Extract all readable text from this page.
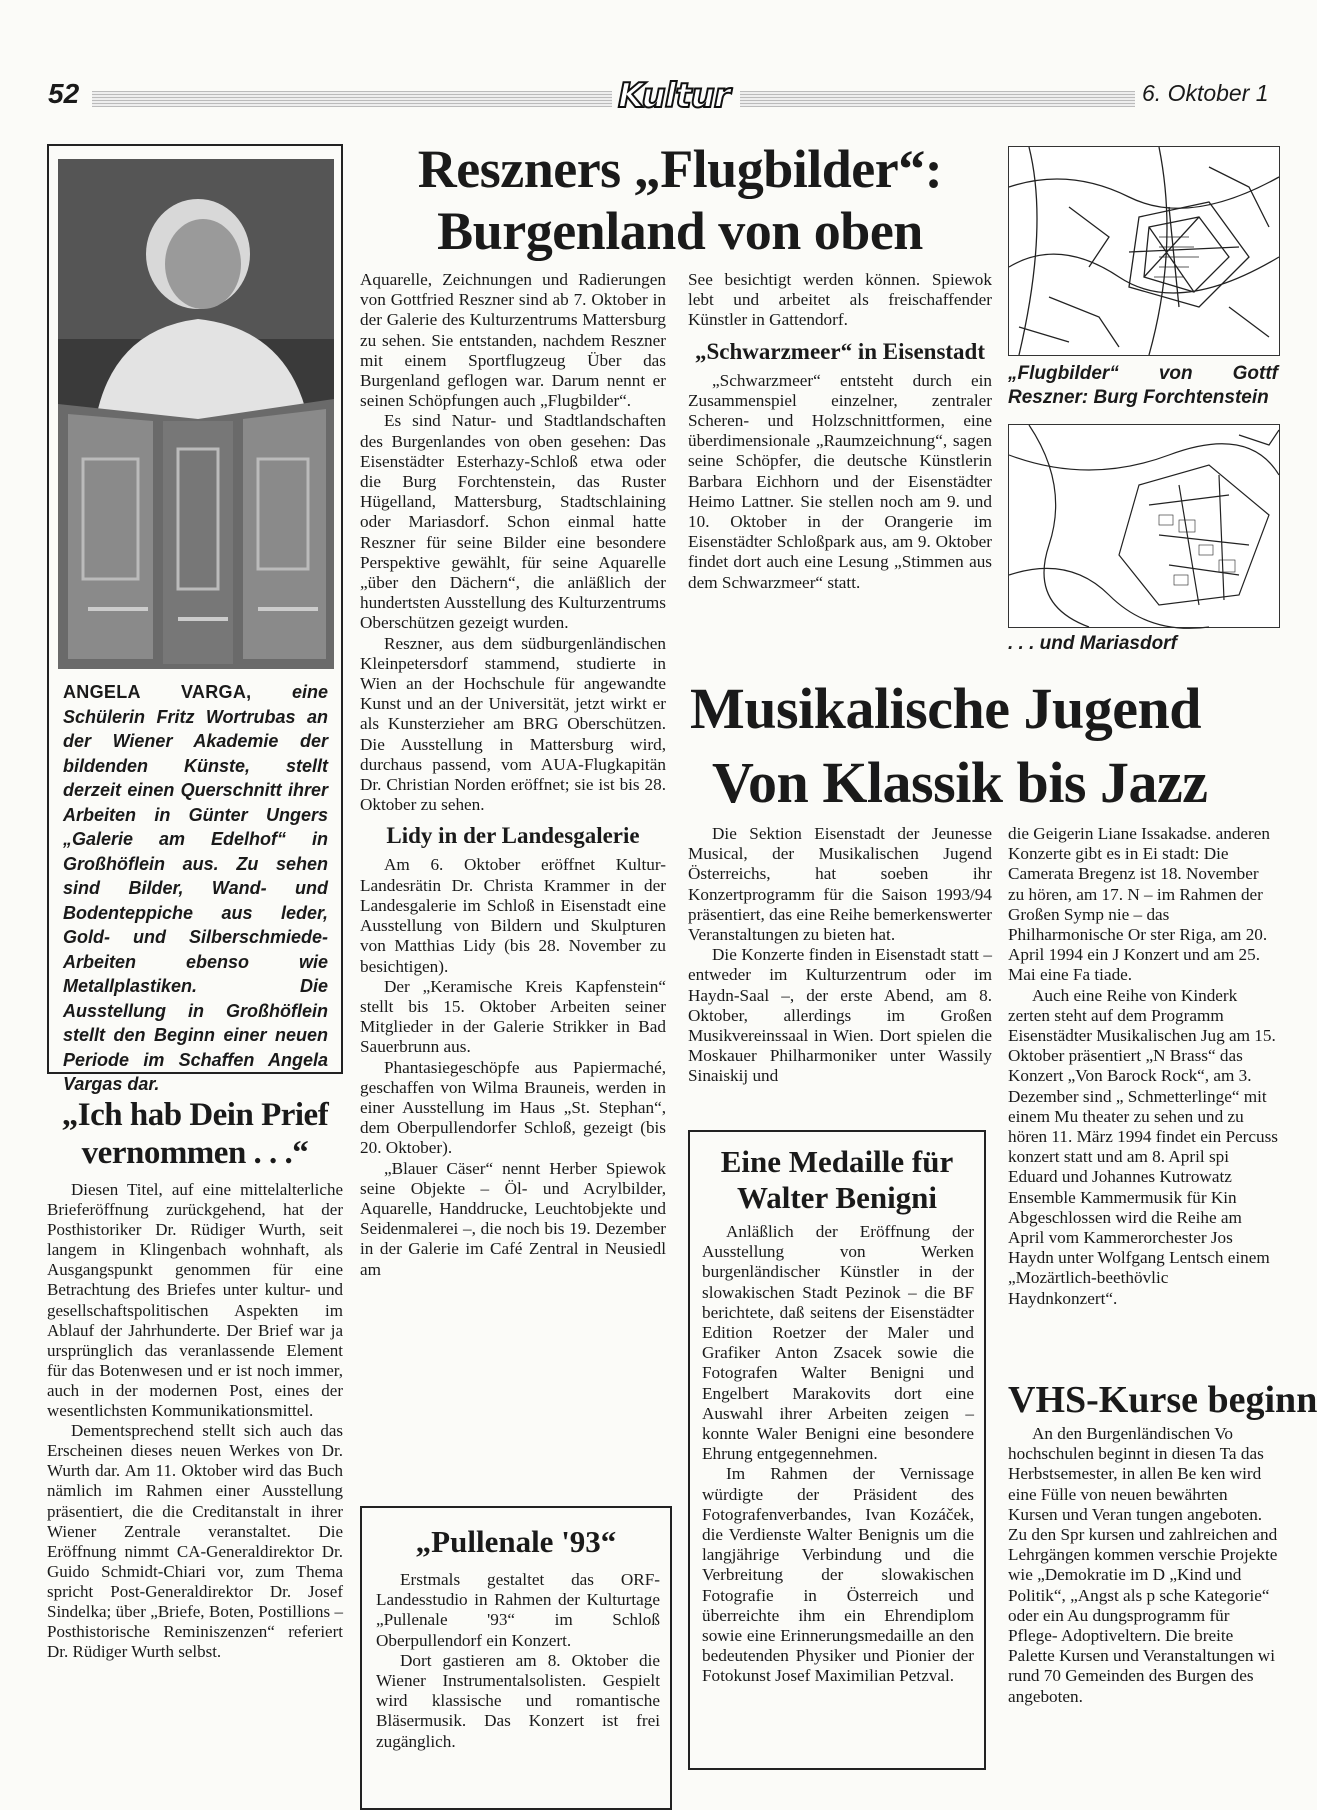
52	Kultur	6. Oktober 1
ANGELA VARGA, eine Schülerin Fritz Wortrubas an der Wiener Akademie der bildenden Künste, stellt derzeit einen Querschnitt ihrer Arbeiten in Günter Ungers „Galerie am Edelhof“ in Großhöflein aus. Zu sehen sind Bilder, Wand- und Bodenteppiche aus leder, Gold- und Silberschmiede-Arbeiten ebenso wie Metallplastiken. Die Ausstellung in Großhöflein stellt den Beginn einer neuen Periode im Schaffen Angela Vargas dar.
„Ich hab Dein Prief vernommen . . .“

Diesen Titel, auf eine mittelalterliche Brieferöffnung zurückgehend, hat der Posthistoriker Dr. Rüdiger Wurth, seit langem in Klingenbach wohnhaft, als Ausgangspunkt genommen für eine Betrachtung des Briefes unter kultur- und gesellschaftspolitischen Aspekten im Ablauf der Jahrhunderte. Der Brief war ja ursprünglich das veranlassende Element für das Botenwesen und er ist noch immer, auch in der modernen Post, eines der wesentlichsten Kommunikationsmittel.

Dementsprechend stellt sich auch das Erscheinen dieses neuen Werkes von Dr. Wurth dar. Am 11. Oktober wird das Buch nämlich im Rahmen einer Ausstellung präsentiert, die die Creditanstalt in ihrer Wiener Zentrale veranstaltet. Die Eröffnung nimmt CA-Generaldirektor Dr. Guido Schmidt-Chiari vor, zum Thema spricht Post-Generaldirektor Dr. Josef Sindelka; über „Briefe, Boten, Postillions – Posthistorische Reminiszenzen“ referiert Dr. Rüdiger Wurth selbst.

Reszners „Flugbilder“:
Burgenland von oben

Aquarelle, Zeichnungen und Radierungen von Gottfried Reszner sind ab 7. Oktober in der Galerie des Kulturzentrums Mattersburg zu sehen. Sie entstanden, nachdem Reszner mit einem Sportflugzeug Über das Burgenland geflogen war. Darum nennt er seinen Schöpfungen auch „Flugbilder“.

Es sind Natur- und Stadtlandschaften des Burgenlandes von oben gesehen: Das Eisenstädter Esterhazy-Schloß etwa oder die Burg Forchtenstein, das Ruster Hügelland, Mattersburg, Stadtschlaining oder Mariasdorf. Schon einmal hatte Reszner für seine Bilder eine besondere Perspektive gewählt, für seine Aquarelle „über den Dächern“, die anläßlich der hundertsten Ausstellung des Kulturzentrums Oberschützen gezeigt wurden.

Reszner, aus dem südburgenländischen Kleinpetersdorf stammend, studierte in Wien an der Hochschule für angewandte Kunst und an der Universität, jetzt wirkt er als Kunsterzieher am BRG Oberschützen. Die Ausstellung in Mattersburg wird, durchaus passend, vom AUA-Flugkapitän Dr. Christian Norden eröffnet; sie ist bis 28. Oktober zu sehen.

Lidy in der Landesgalerie

Am 6. Oktober eröffnet Kultur-Landesrätin Dr. Christa Krammer in der Landesgalerie im Schloß in Eisenstadt eine Ausstellung von Bildern und Skulpturen von Matthias Lidy (bis 28. November zu besichtigen).

Der „Keramische Kreis Kapfenstein“ stellt bis 15. Oktober Arbeiten seiner Mitglieder in der Galerie Strikker in Bad Sauerbrunn aus.

Phantasiegeschöpfe aus Papiermaché, geschaffen von Wilma Brauneis, werden in einer Ausstellung im Haus „St. Stephan“, dem Oberpullendorfer Schloß, gezeigt (bis 20. Oktober).

„Blauer Cäser“ nennt Herber Spiewok seine Objekte – Öl- und Acrylbilder, Aquarelle, Handdrucke, Leuchtobjekte und Seidenmalerei –, die noch bis 19. Dezember in der Galerie im Café Zentral in Neusiedl am

See besichtigt werden können. Spiewok lebt und arbeitet als freischaffender Künstler in Gattendorf.

„Schwarzmeer“ in Eisenstadt

„Schwarzmeer“ entsteht durch ein Zusammenspiel einzelner, zentraler Scheren- und Holzschnittformen, eine überdimensionale „Raumzeichnung“, sagen seine Schöpfer, die deutsche Künstlerin Barbara Eichhorn und der Eisenstädter Heimo Lattner. Sie stellen noch am 9. und 10. Oktober in der Orangerie im Eisenstädter Schloßpark aus, am 9. Oktober findet dort auch eine Lesung „Stimmen aus dem Schwarzmeer“ statt.

„Flugbilder“ von Gottf
Reszner: Burg Forchtenstein
. . . und Mariasdorf
Musikalische Jugend
Von Klassik bis Jazz

Die Sektion Eisenstadt der Jeunesse Musical, der Musikalischen Jugend Österreichs, hat soeben ihr Konzertprogramm für die Saison 1993/94 präsentiert, das eine Reihe bemerkenswerter Veranstaltungen zu bieten hat.

Die Konzerte finden in Eisenstadt statt – entweder im Kulturzentrum oder im Haydn-Saal –, der erste Abend, am 8. Oktober, allerdings im Großen Musikvereinssaal in Wien. Dort spielen die Moskauer Philharmoniker unter Wassily Sinaiskij und

die Geigerin Liane Issakadse. anderen Konzerte gibt es in Ei stadt: Die Camerata Bregenz ist 18. November zu hören, am 17. N – im Rahmen der Großen Symp nie – das Philharmonische Or ster Riga, am 20. April 1994 ein J Konzert und am 25. Mai eine Fa tiade.

Auch eine Reihe von Kinderk zerten steht auf dem Programm Eisenstädter Musikalischen Jug am 15. Oktober präsentiert „N Brass“ das Konzert „Von Barock Rock“, am 3. Dezember sind „ Schmetterlinge“ mit einem Mu theater zu sehen und zu hören 11. März 1994 findet ein Percuss konzert statt und am 8. April spi Eduard und Johannes Kutrowatz Ensemble Kammermusik für Kin Abgeschlossen wird die Reihe am April vom Kammerorchester Jos Haydn unter Wolfgang Lentsch einem „Mozärtlich-beethövlic Haydnkonzert“.

„Pullenale '93“

Erstmals gestaltet das ORF-Landesstudio in Rahmen der Kulturtage „Pullenale '93“ im Schloß Oberpullendorf ein Konzert.

Dort gastieren am 8. Oktober die Wiener Instrumentalsolisten. Gespielt wird klassische und romantische Bläsermusik. Das Konzert ist frei zugänglich.

Eine Medaille für
Walter Benigni

Anläßlich der Eröffnung der Ausstellung von Werken burgenländischer Künstler in der slowakischen Stadt Pezinok – die BF berichtete, daß seitens der Eisenstädter Edition Roetzer der Maler und Grafiker Anton Zsacek sowie die Fotografen Walter Benigni und Engelbert Marakovits dort eine Auswahl ihrer Arbeiten zeigen – konnte Waler Benigni eine besondere Ehrung entgegennehmen.

Im Rahmen der Vernissage würdigte der Präsident des Fotografenverbandes, Ivan Kozáček, die Verdienste Walter Benignis um die langjährige Verbindung und die Verbreitung der slowakischen Fotografie in Österreich und überreichte ihm ein Ehrendiplom sowie eine Erinnerungsmedaille an den bedeutenden Physiker und Pionier der Fotokunst Josef Maximilian Petzval.

VHS-Kurse beginn

An den Burgenländischen Vo hochschulen beginnt in diesen Ta das Herbstsemester, in allen Be ken wird eine Fülle von neuen bewährten Kursen und Veran tungen angeboten. Zu den Spr kursen und zahlreichen and Lehrgängen kommen verschie Projekte wie „Demokratie im D „Kind und Politik“, „Angst als p sche Kategorie“ oder ein Au dungsprogramm für Pflege- Adoptiveltern. Die breite Palette Kursen und Veranstaltungen wi rund 70 Gemeinden des Burgen des angeboten.
